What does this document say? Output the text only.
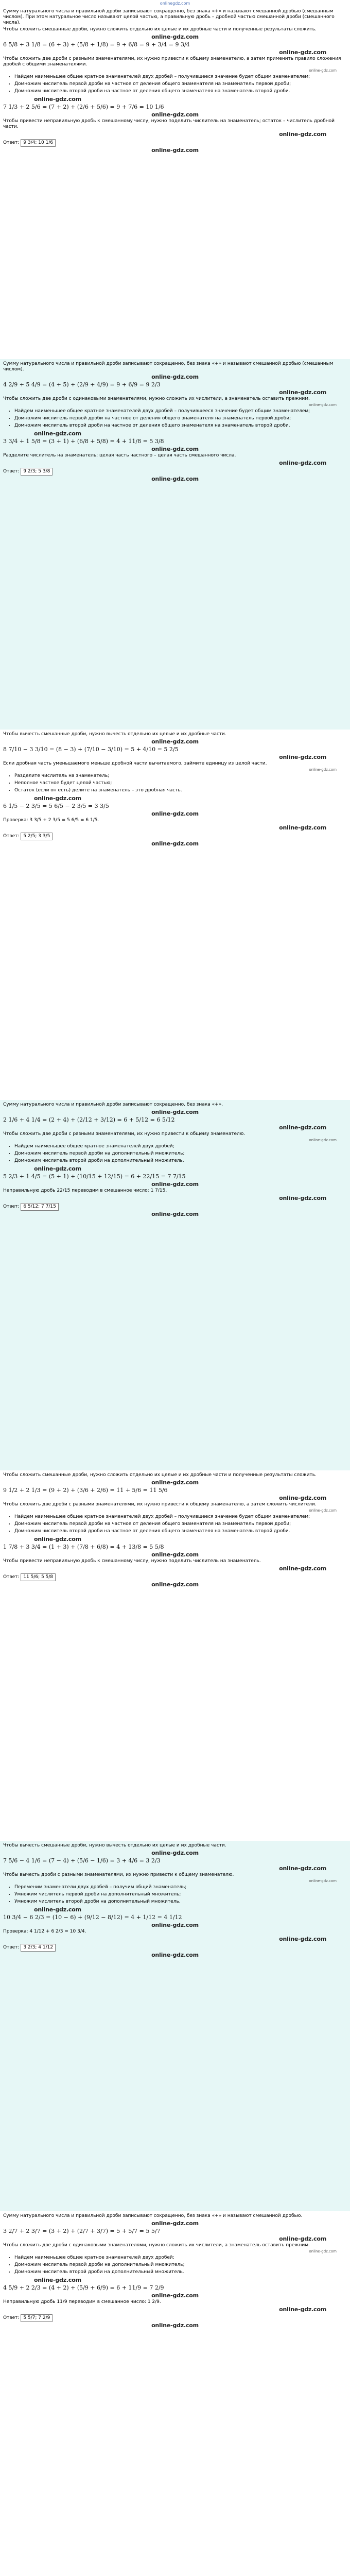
onlinegdz.com

Сумму натурального числа и правильной дроби записывают сокращенно, без знака «+» и называют смешанной дробью (смешанным числом). При этом натуральное число называют целой частью, а правильную дробь – дробной частью смешанной дроби (смешанного числа).

Чтобы сложить смешанные дроби, нужно сложить отдельно их целые и их дробные части и полученные результаты сложить.

online-gdz.com
6 5/8 + 3 1/8 = (6 + 3) + (5/8 + 1/8) = 9 + 6/8 = 9 + 3/4 = 9 3/4
online-gdz.com

Чтобы сложить две дроби с разными знаменателями, их нужно привести к общему знаменателю, а затем применить правило сложения дробей с общими знаменателями.

online-gdz.com
• Найдем наименьшее общее кратное знаменателей двух дробей – получившееся значение будет общим знаменателем;
• Домножим числитель первой дроби на частное от деления общего знаменателя на знаменатель первой дроби;
• Домножим числитель второй дроби на частное от деления общего знаменателя на знаменатель второй дроби.
online-gdz.com
7 1/3 + 2 5/6 = (7 + 2) + (2/6 + 5/6) = 9 + 7/6 = 10 1/6
online-gdz.com

Чтобы привести неправильную дробь к смешанному числу, нужно поделить числитель на знаменатель; остаток – числитель дробной части.

online-gdz.com
Ответ: 9 3/4; 10 1/6
online-gdz.com

Сумму натурального числа и правильной дроби записывают сокращенно, без знака «+» и называют смешанной дробью (смешанным числом).

online-gdz.com
4 2/9 + 5 4/9 = (4 + 5) + (2/9 + 4/9) = 9 + 6/9 = 9 2/3
online-gdz.com

Чтобы сложить две дроби с одинаковыми знаменателями, нужно сложить их числители, а знаменатель оставить прежним.

online-gdz.com
• Найдем наименьшее общее кратное знаменателей двух дробей – получившееся значение будет общим знаменателем;
• Домножим числитель первой дроби на частное от деления общего знаменателя на знаменатель первой дроби;
• Домножим числитель второй дроби на частное от деления общего знаменателя на знаменатель второй дроби.
online-gdz.com
3 3/4 + 1 5/8 = (3 + 1) + (6/8 + 5/8) = 4 + 11/8 = 5 3/8
online-gdz.com

Разделите числитель на знаменатель; целая часть частного – целая часть смешанного числа.

online-gdz.com
Ответ: 9 2/3; 5 3/8
online-gdz.com

Чтобы вычесть смешанные дроби, нужно вычесть отдельно их целые и их дробные части.

online-gdz.com
8 7/10 − 3 3/10 = (8 − 3) + (7/10 − 3/10) = 5 + 4/10 = 5 2/5
online-gdz.com

Если дробная часть уменьшаемого меньше дробной части вычитаемого, займите единицу из целой части.

online-gdz.com
• Разделите числитель на знаменатель;
• Неполное частное будет целой частью;
• Остаток (если он есть) делите на знаменатель – это дробная часть.
online-gdz.com
6 1/5 − 2 3/5 = 5 6/5 − 2 3/5 = 3 3/5
online-gdz.com

Проверка: 3 3/5 + 2 3/5 = 5 6/5 = 6 1/5.

online-gdz.com
Ответ: 5 2/5; 3 3/5
online-gdz.com

Сумму натурального числа и правильной дроби записывают сокращенно, без знака «+».

online-gdz.com
2 1/6 + 4 1/4 = (2 + 4) + (2/12 + 3/12) = 6 + 5/12 = 6 5/12
online-gdz.com

Чтобы сложить две дроби с разными знаменателями, их нужно привести к общему знаменателю.

online-gdz.com
• Найдем наименьшее общее кратное знаменателей двух дробей;
• Домножим числитель первой дроби на дополнительный множитель;
• Домножим числитель второй дроби на дополнительный множитель.
online-gdz.com
5 2/3 + 1 4/5 = (5 + 1) + (10/15 + 12/15) = 6 + 22/15 = 7 7/15
online-gdz.com

Неправильную дробь 22/15 переводим в смешанное число: 1 7/15.

online-gdz.com
Ответ: 6 5/12; 7 7/15
online-gdz.com

Чтобы сложить смешанные дроби, нужно сложить отдельно их целые и их дробные части и полученные результаты сложить.

online-gdz.com
9 1/2 + 2 1/3 = (9 + 2) + (3/6 + 2/6) = 11 + 5/6 = 11 5/6
online-gdz.com

Чтобы сложить две дроби с разными знаменателями, их нужно привести к общему знаменателю, а затем сложить числители.

online-gdz.com
• Найдем наименьшее общее кратное знаменателей двух дробей – получившееся значение будет общим знаменателем;
• Домножим числитель первой дроби на частное от деления общего знаменателя на знаменатель первой дроби;
• Домножим числитель второй дроби на частное от деления общего знаменателя на знаменатель второй дроби.
online-gdz.com
1 7/8 + 3 3/4 = (1 + 3) + (7/8 + 6/8) = 4 + 13/8 = 5 5/8
online-gdz.com

Чтобы привести неправильную дробь к смешанному числу, нужно поделить числитель на знаменатель.

online-gdz.com
Ответ: 11 5/6; 5 5/8
online-gdz.com

Чтобы вычесть смешанные дроби, нужно вычесть отдельно их целые и их дробные части.

online-gdz.com
7 5/6 − 4 1/6 = (7 − 4) + (5/6 − 1/6) = 3 + 4/6 = 3 2/3
online-gdz.com

Чтобы вычесть дроби с разными знаменателями, их нужно привести к общему знаменателю.

online-gdz.com
• Переменим знаменатели двух дробей – получим общий знаменатель;
• Умножим числитель первой дроби на дополнительный множитель;
• Умножим числитель второй дроби на дополнительный множитель.
online-gdz.com
10 3/4 − 6 2/3 = (10 − 6) + (9/12 − 8/12) = 4 + 1/12 = 4 1/12
online-gdz.com

Проверка: 4 1/12 + 6 2/3 = 10 3/4.

online-gdz.com
Ответ: 3 2/3; 4 1/12
online-gdz.com

Сумму натурального числа и правильной дроби записывают сокращенно, без знака «+» и называют смешанной дробью.

online-gdz.com
3 2/7 + 2 3/7 = (3 + 2) + (2/7 + 3/7) = 5 + 5/7 = 5 5/7
online-gdz.com

Чтобы сложить две дроби с одинаковыми знаменателями, нужно сложить их числители, а знаменатель оставить прежним.

online-gdz.com
• Найдем наименьшее общее кратное знаменателей двух дробей;
• Домножим числитель первой дроби на дополнительный множитель;
• Домножим числитель второй дроби на дополнительный множитель.
online-gdz.com
4 5/9 + 2 2/3 = (4 + 2) + (5/9 + 6/9) = 6 + 11/9 = 7 2/9
online-gdz.com

Неправильную дробь 11/9 переводим в смешанное число: 1 2/9.

online-gdz.com
Ответ: 5 5/7; 7 2/9
online-gdz.com
